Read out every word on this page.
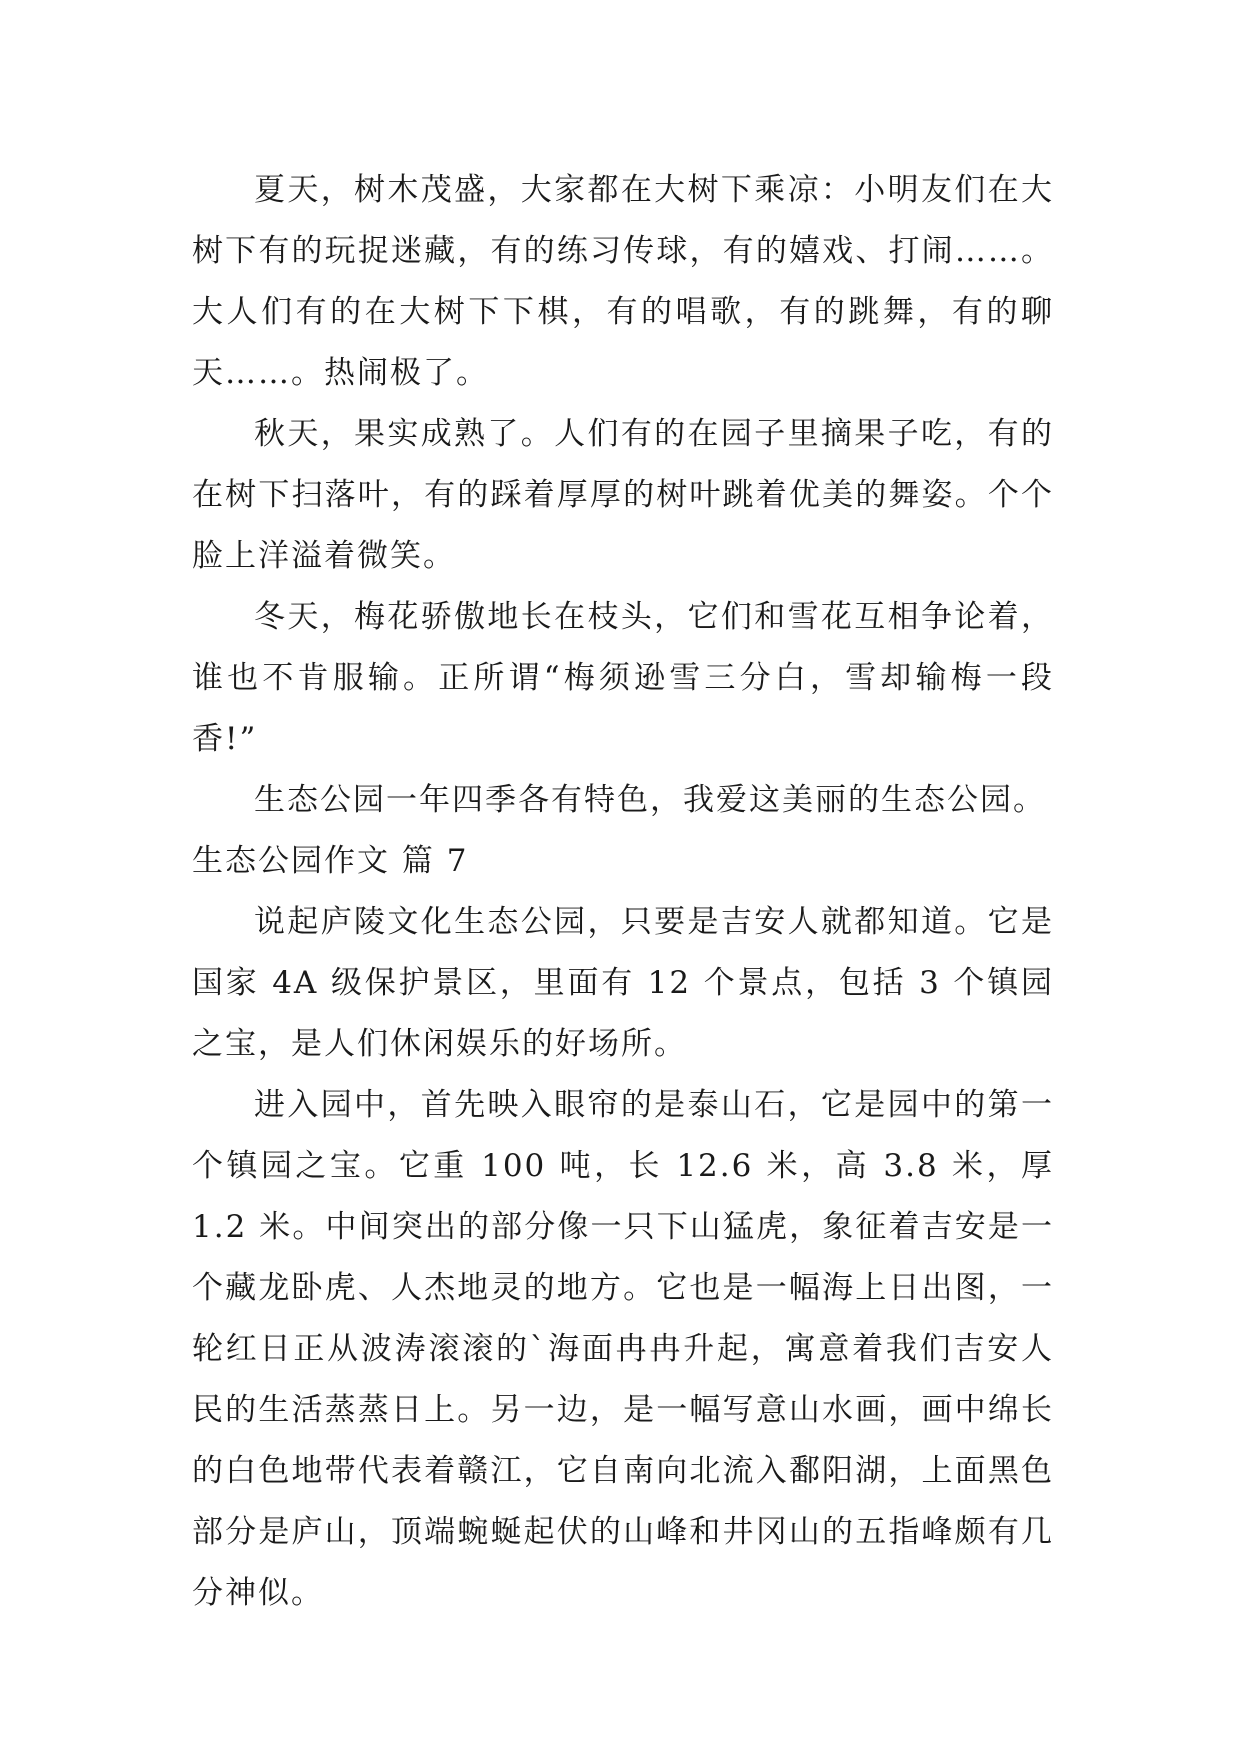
夏天，树木茂盛，大家都在大树下乘凉：小明友们在大树下有的玩捉迷藏，有的练习传球，有的嬉戏、打闹……。大人们有的在大树下下棋，有的唱歌，有的跳舞，有的聊天……。热闹极了。

秋天，果实成熟了。人们有的在园子里摘果子吃，有的在树下扫落叶，有的踩着厚厚的树叶跳着优美的舞姿。个个脸上洋溢着微笑。

冬天，梅花骄傲地长在枝头，它们和雪花互相争论着，谁也不肯服输。正所谓“梅须逊雪三分白，雪却输梅一段香!”

生态公园一年四季各有特色，我爱这美丽的生态公园。

生态公园作文 篇 7

说起庐陵文化生态公园，只要是吉安人就都知道。它是国家 4A 级保护景区，里面有 12 个景点，包括 3 个镇园之宝，是人们休闲娱乐的好场所。

进入园中，首先映入眼帘的是泰山石，它是园中的第一个镇园之宝。它重 100 吨，长 12.6 米，高 3.8 米，厚 1.2 米。中间突出的部分像一只下山猛虎，象征着吉安是一个藏龙卧虎、人杰地灵的地方。它也是一幅海上日出图，一轮红日正从波涛滚滚的`海面冉冉升起，寓意着我们吉安人民的生活蒸蒸日上。另一边，是一幅写意山水画，画中绵长的白色地带代表着赣江，它自南向北流入鄱阳湖，上面黑色部分是庐山，顶端蜿蜒起伏的山峰和井冈山的五指峰颇有几分神似。
